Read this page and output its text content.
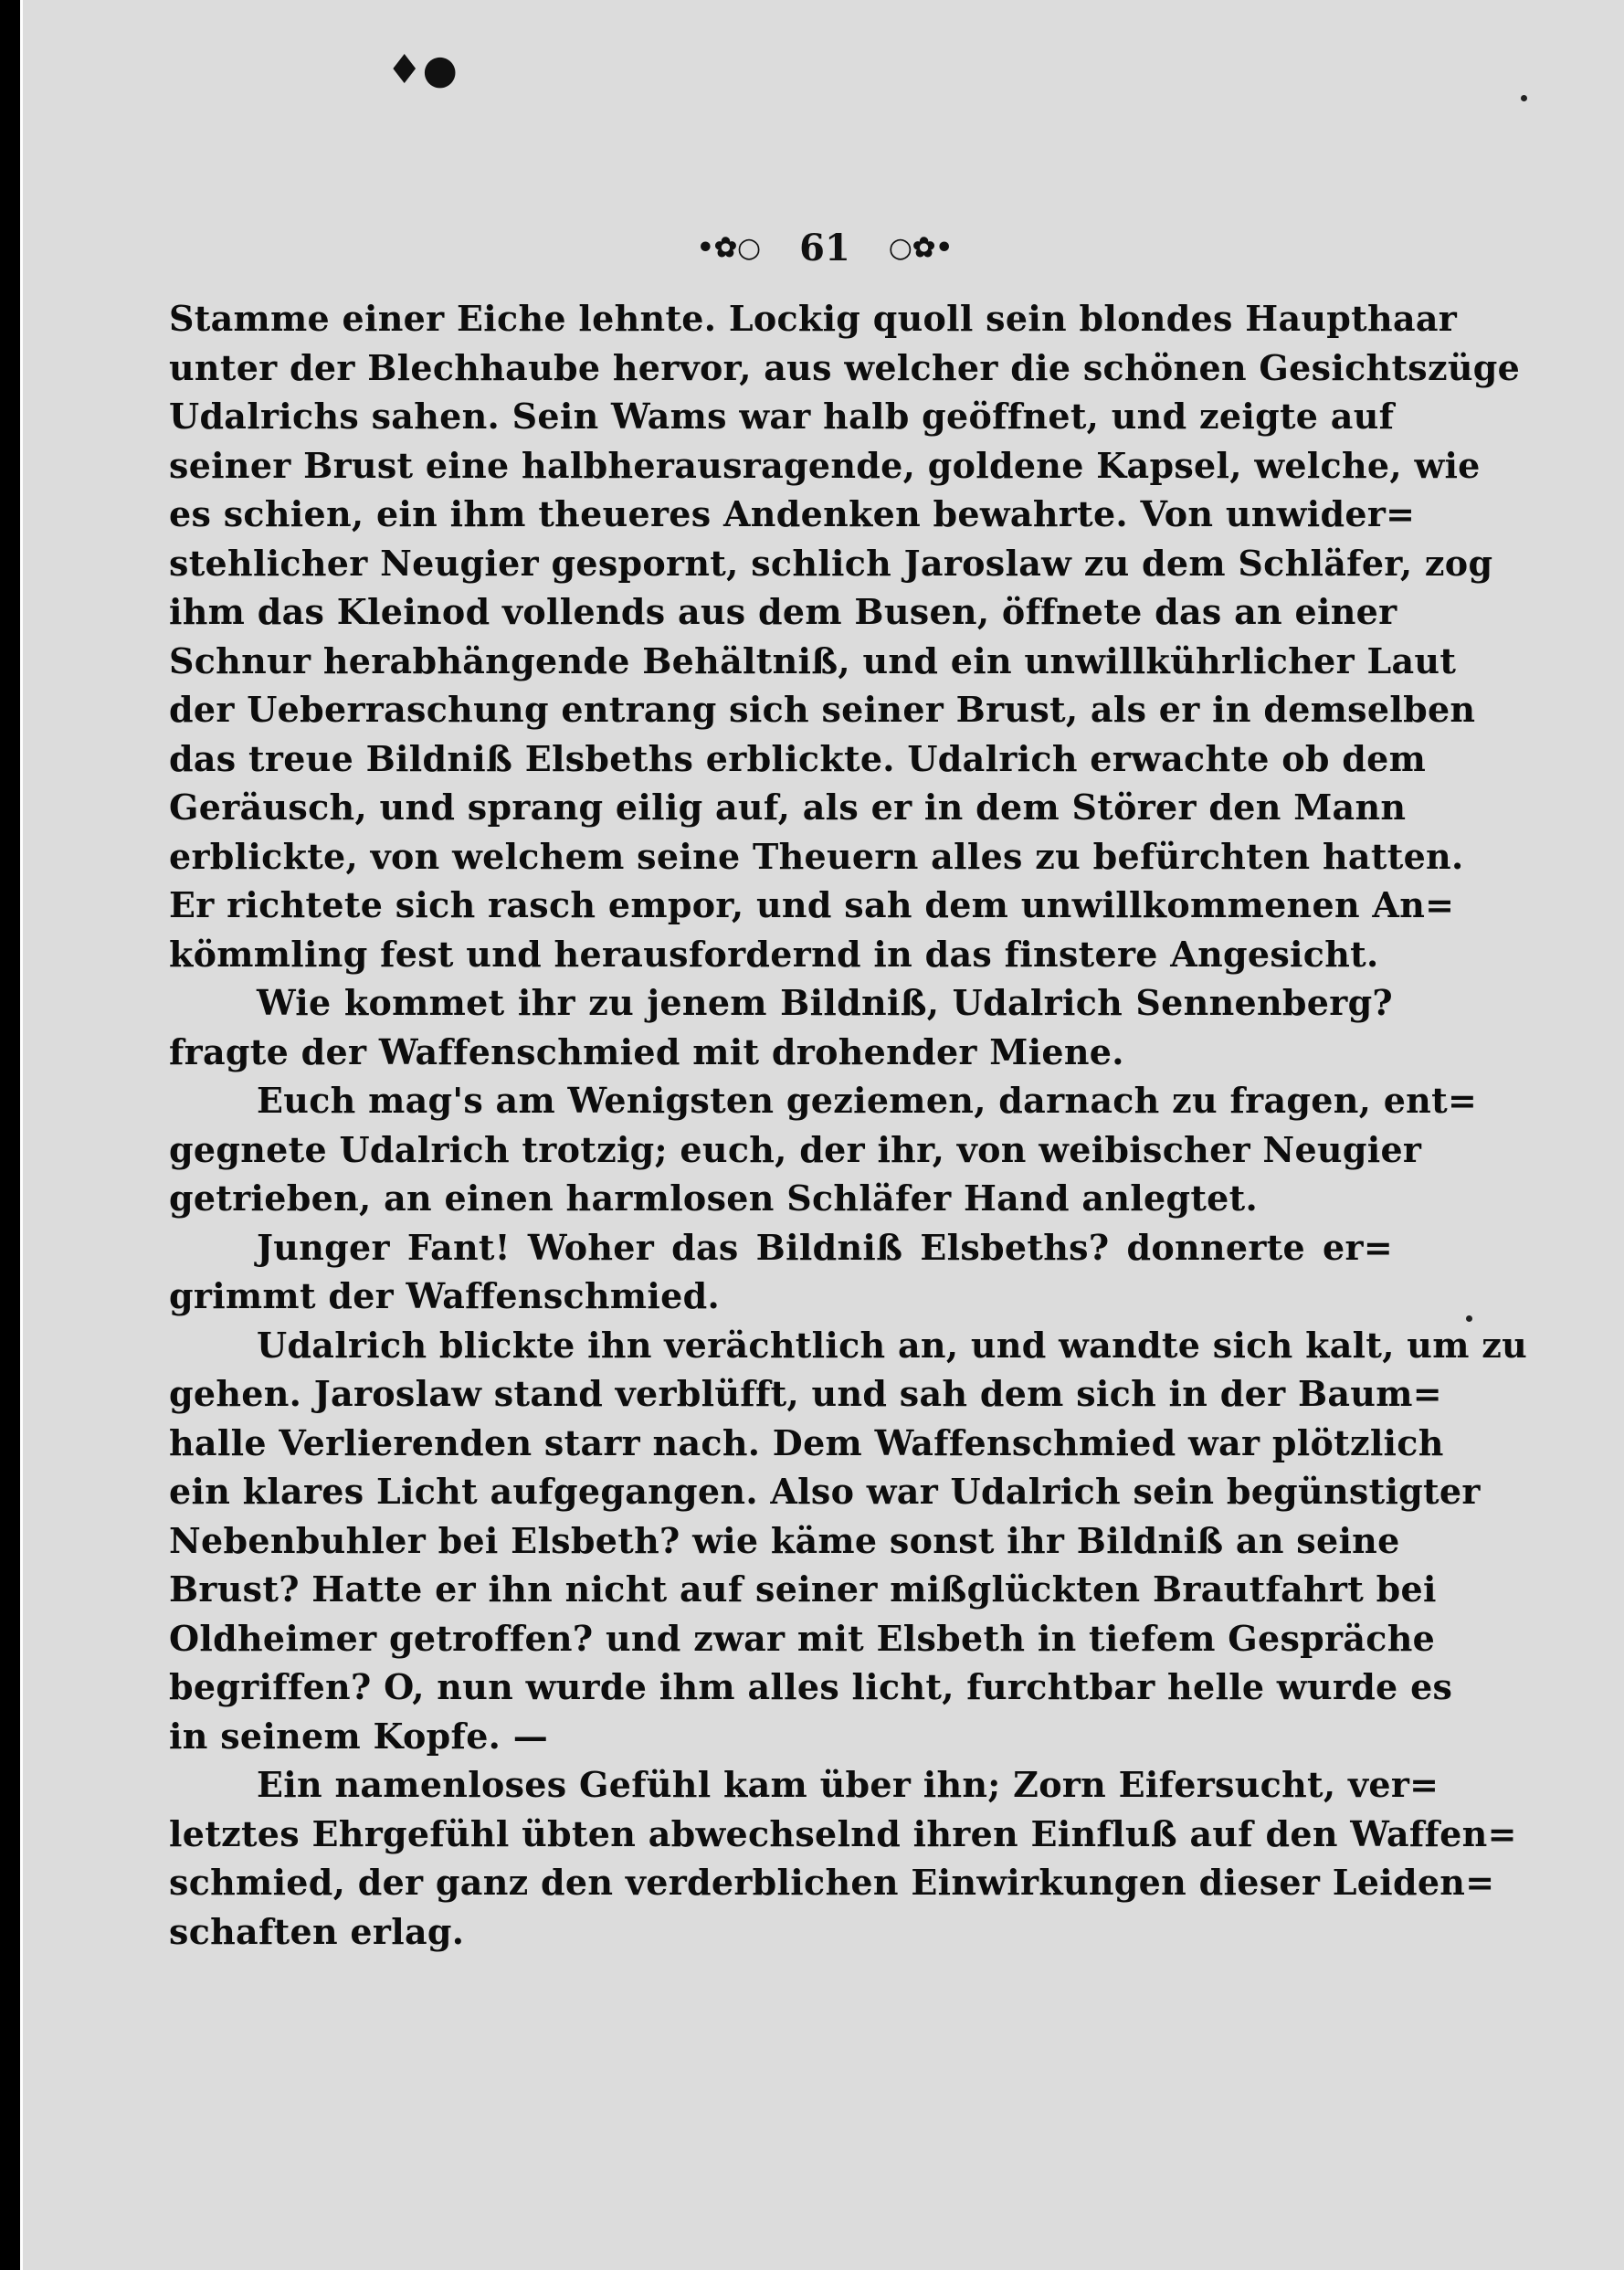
♦●
•✿○ 61 ○✿•
Stamme einer Eiche lehnte. Lockig quoll sein blondes Haupthaar
unter der Blechhaube hervor, aus welcher die schönen Gesichtszüge
Udalrichs sahen. Sein Wams war halb geöffnet, und zeigte auf
seiner Brust eine halbherausragende, goldene Kapsel, welche, wie
es schien, ein ihm theueres Andenken bewahrte. Von unwider=
stehlicher Neugier gespornt, schlich Jaroslaw zu dem Schläfer, zog
ihm das Kleinod vollends aus dem Busen, öffnete das an einer
Schnur herabhängende Behältniß, und ein unwillkührlicher Laut
der Ueberraschung entrang sich seiner Brust, als er in demselben
das treue Bildniß Elsbeths erblickte. Udalrich erwachte ob dem
Geräusch, und sprang eilig auf, als er in dem Störer den Mann
erblickte, von welchem seine Theuern alles zu befürchten hatten.
Er richtete sich rasch empor, und sah dem unwillkommenen An=
kömmling fest und herausfordernd in das finstere Angesicht.
Wie kommet ihr zu jenem Bildniß, Udalrich Sennenberg?
fragte der Waffenschmied mit drohender Miene.
Euch mag's am Wenigsten geziemen, darnach zu fragen, ent=
gegnete Udalrich trotzig; euch, der ihr, von weibischer Neugier
getrieben, an einen harmlosen Schläfer Hand anlegtet.
Junger Fant! Woher das Bildniß Elsbeths? donnerte er=
grimmt der Waffenschmied.
Udalrich blickte ihn verächtlich an, und wandte sich kalt, um zu
gehen. Jaroslaw stand verblüfft, und sah dem sich in der Baum=
halle Verlierenden starr nach. Dem Waffenschmied war plötzlich
ein klares Licht aufgegangen. Also war Udalrich sein begünstigter
Nebenbuhler bei Elsbeth? wie käme sonst ihr Bildniß an seine
Brust? Hatte er ihn nicht auf seiner mißglückten Brautfahrt bei
Oldheimer getroffen? und zwar mit Elsbeth in tiefem Gespräche
begriffen? O, nun wurde ihm alles licht, furchtbar helle wurde es
in seinem Kopfe. —
Ein namenloses Gefühl kam über ihn; Zorn Eifersucht, ver=
letztes Ehrgefühl übten abwechselnd ihren Einfluß auf den Waffen=
schmied, der ganz den verderblichen Einwirkungen dieser Leiden=
schaften erlag.
